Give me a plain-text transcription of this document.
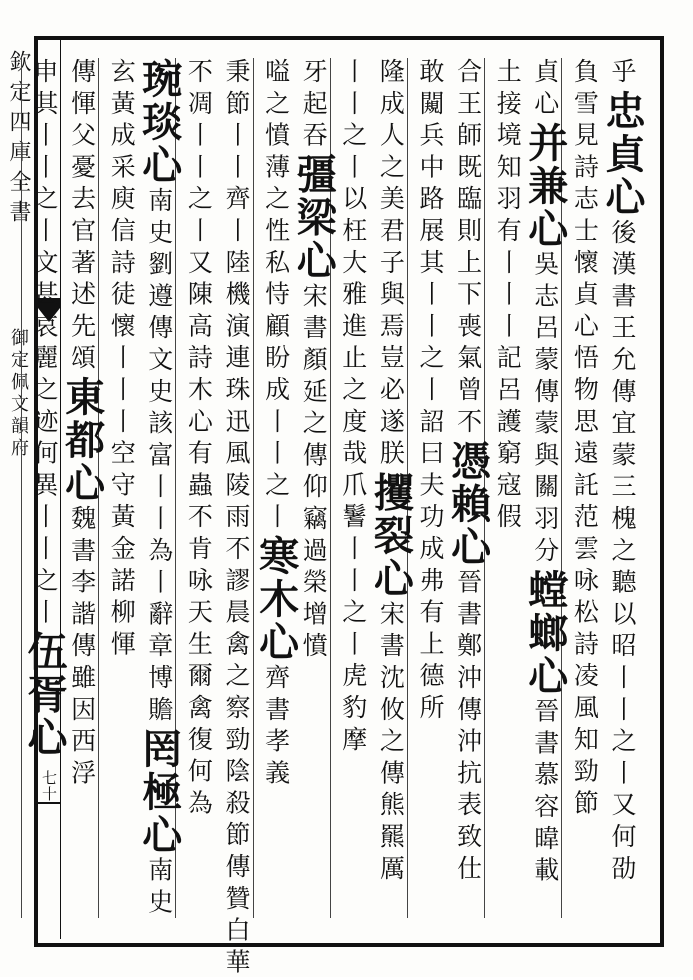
欽定四庫全書
御定佩文韻府
七十
乎忠貞心後漢書王允傳宜蒙三槐之聽以昭丨丨之丨又何劭
負雪見詩志士懷貞心悟物思遠託范雲咏松詩凌風知勁節
貞心并兼心吳志呂蒙傳蒙與關羽分螳螂心晉書慕容暐載
土接境知羽有丨丨丨記呂護窮寇假
合王師既臨則上下喪氣曾不憑賴心晉書鄭沖傳沖抗表致仕
敢闚兵中路展其丨丨之丨詔曰夫功成弗有上德所
隆成人之美君子與焉豈必遂朕攫裂心宋書沈攸之傳熊羆厲
丨丨之丨以枉大雅進止之度哉爪鬐丨丨之丨虎豹摩
牙起吞彊梁心宋書顏延之傳仰竊過榮增憤
嗌之憤薄之性私恃顧盼成丨丨之丨寒木心齊書孝義
秉節丨丨齊丨陸機演連珠迅風陵雨不謬晨禽之察勁陰殺節傳贊白華
不凋丨丨之丨又陳高詩木心有蟲不肯咏天生爾禽復何為
琬琰心南史劉遵傳文史該富丨丨為丨辭章博贍罔極心南史
玄黃成采庾信詩徒懷丨丨丨空守黃金諾柳惲
傳惲父憂去官著述先頌東都心魏書李諧傳雖因西浮
申其丨丨之丨文甚哀麗之迹何異丨丨之丨伍胥心
